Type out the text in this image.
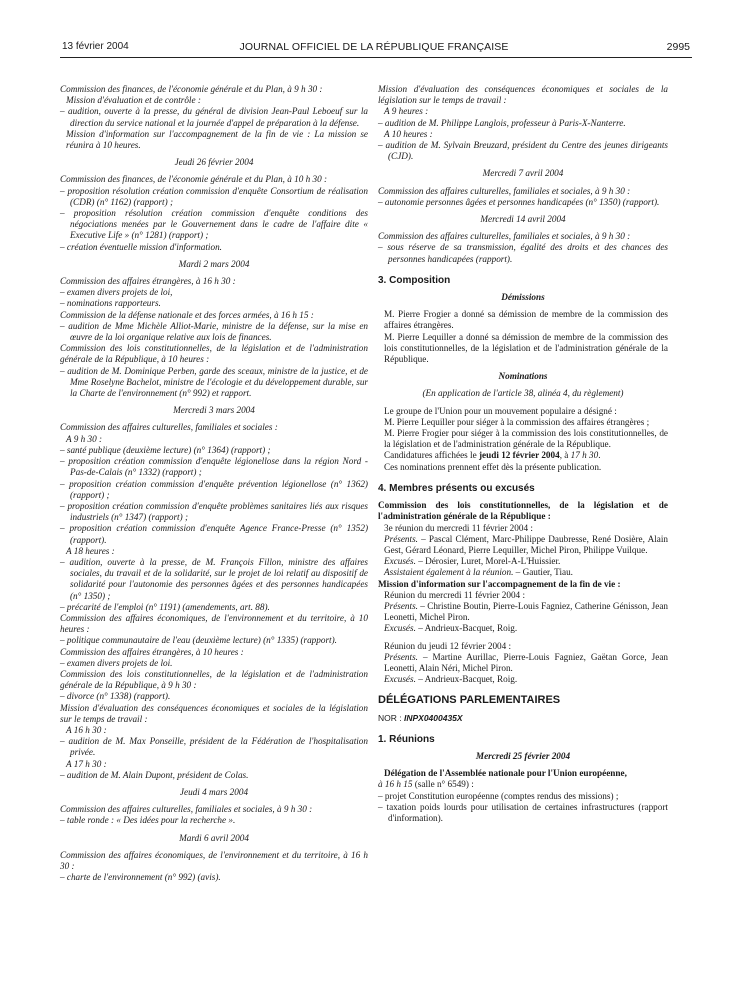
13 février 2004	JOURNAL OFFICIEL DE LA RÉPUBLIQUE FRANÇAISE	2995

Commission des finances, de l'économie générale et du Plan, à 9 h 30 :

Mission d'évaluation et de contrôle :

– audition, ouverte à la presse, du général de division Jean-Paul Leboeuf sur la direction du service national et la journée d'appel de préparation à la défense.

Mission d'information sur l'accompagnement de la fin de vie : La mission se réunira à 10 heures.

Jeudi 26 février 2004

Commission des finances, de l'économie générale et du Plan, à 10 h 30 :

– proposition résolution création commission d'enquête Consortium de réalisation (CDR) (n° 1162) (rapport) ;

– proposition résolution création commission d'enquête conditions des négociations menées par le Gouvernement dans le cadre de l'affaire dite « Executive Life » (n° 1281) (rapport) ;

– création éventuelle mission d'information.

Mardi 2 mars 2004

Commission des affaires étrangères, à 16 h 30 :

– examen divers projets de loi,

– nominations rapporteurs.

Commission de la défense nationale et des forces armées, à 16 h 15 :

– audition de Mme Michèle Alliot-Marie, ministre de la défense, sur la mise en œuvre de la loi organique relative aux lois de finances.

Commission des lois constitutionnelles, de la législation et de l'administration générale de la République, à 10 heures :

– audition de M. Dominique Perben, garde des sceaux, ministre de la justice, et de Mme Roselyne Bachelot, ministre de l'écologie et du développement durable, sur la Charte de l'environnement (n° 992) et rapport.

Mercredi 3 mars 2004

Commission des affaires culturelles, familiales et sociales :

A 9 h 30 :

– santé publique (deuxième lecture) (n° 1364) (rapport) ;

– proposition création commission d'enquête légionellose dans la région Nord - Pas-de-Calais (n° 1332) (rapport) ;

– proposition création commission d'enquête prévention légionellose (n° 1362) (rapport) ;

– proposition création commission d'enquête problèmes sanitaires liés aux risques industriels (n° 1347) (rapport) ;

– proposition création commission d'enquête Agence France-Presse (n° 1352) (rapport).

A 18 heures :

– audition, ouverte à la presse, de M. François Fillon, ministre des affaires sociales, du travail et de la solidarité, sur le projet de loi relatif au dispositif de solidarité pour l'autonomie des personnes âgées et des personnes handicapées (n° 1350) ;

– précarité de l'emploi (n° 1191) (amendements, art. 88).

Commission des affaires économiques, de l'environnement et du territoire, à 10 heures :

– politique communautaire de l'eau (deuxième lecture) (n° 1335) (rapport).

Commission des affaires étrangères, à 10 heures :

– examen divers projets de loi.

Commission des lois constitutionnelles, de la législation et de l'administration générale de la République, à 9 h 30 :

– divorce (n° 1338) (rapport).

Mission d'évaluation des conséquences économiques et sociales de la législation sur le temps de travail :

A 16 h 30 :

– audition de M. Max Ponseille, président de la Fédération de l'hospitalisation privée.

A 17 h 30 :

– audition de M. Alain Dupont, président de Colas.

Jeudi 4 mars 2004

Commission des affaires culturelles, familiales et sociales, à 9 h 30 :

– table ronde : « Des idées pour la recherche ».

Mardi 6 avril 2004

Commission des affaires économiques, de l'environnement et du territoire, à 16 h 30 :

– charte de l'environnement (n° 992) (avis).

Mission d'évaluation des conséquences économiques et sociales de la législation sur le temps de travail :

A 9 heures :

– audition de M. Philippe Langlois, professeur à Paris-X-Nanterre.

A 10 heures :

– audition de M. Sylvain Breuzard, président du Centre des jeunes dirigeants (CJD).

Mercredi 7 avril 2004

Commission des affaires culturelles, familiales et sociales, à 9 h 30 :

– autonomie personnes âgées et personnes handicapées (n° 1350) (rapport).

Mercredi 14 avril 2004

Commission des affaires culturelles, familiales et sociales, à 9 h 30 :

– sous réserve de sa transmission, égalité des droits et des chances des personnes handicapées (rapport).

3. Composition

Démissions

M. Pierre Frogier a donné sa démission de membre de la commission des affaires étrangères.

M. Pierre Lequiller a donné sa démission de membre de la commission des lois constitutionnelles, de la législation et de l'administration générale de la République.

Nominations

(En application de l'article 38, alinéa 4, du règlement)

Le groupe de l'Union pour un mouvement populaire a désigné :

M. Pierre Lequiller pour siéger à la commission des affaires étrangères ;

M. Pierre Frogier pour siéger à la commission des lois constitutionnelles, de la législation et de l'administration générale de la République.

Candidatures affichées le jeudi 12 février 2004, à 17 h 30.

Ces nominations prennent effet dès la présente publication.

4. Membres présents ou excusés

Commission des lois constitutionnelles, de la législation et de l'administration générale de la République :

3e réunion du mercredi 11 février 2004 :

Présents. – Pascal Clément, Marc-Philippe Daubresse, René Dosière, Alain Gest, Gérard Léonard, Pierre Lequiller, Michel Piron, Philippe Vuilque.

Excusés. – Dérosier, Luret, Morel-A-L'Huissier.

Assistaient également à la réunion. – Gautier, Tiau.

Mission d'information sur l'accompagnement de la fin de vie :

Réunion du mercredi 11 février 2004 :

Présents. – Christine Boutin, Pierre-Louis Fagniez, Catherine Génisson, Jean Leonetti, Michel Piron.

Excusés. – Andrieux-Bacquet, Roig.

Réunion du jeudi 12 février 2004 :

Présents. – Martine Aurillac, Pierre-Louis Fagniez, Gaëtan Gorce, Jean Leonetti, Alain Néri, Michel Piron.

Excusés. – Andrieux-Bacquet, Roig.

DÉLÉGATIONS PARLEMENTAIRES

NOR : INPX0400435X

1. Réunions

Mercredi 25 février 2004

Délégation de l'Assemblée nationale pour l'Union européenne,

à 16 h 15 (salle n° 6549) :

– projet Constitution européenne (comptes rendus des missions) ;

– taxation poids lourds pour utilisation de certaines infrastructures (rapport d'information).
